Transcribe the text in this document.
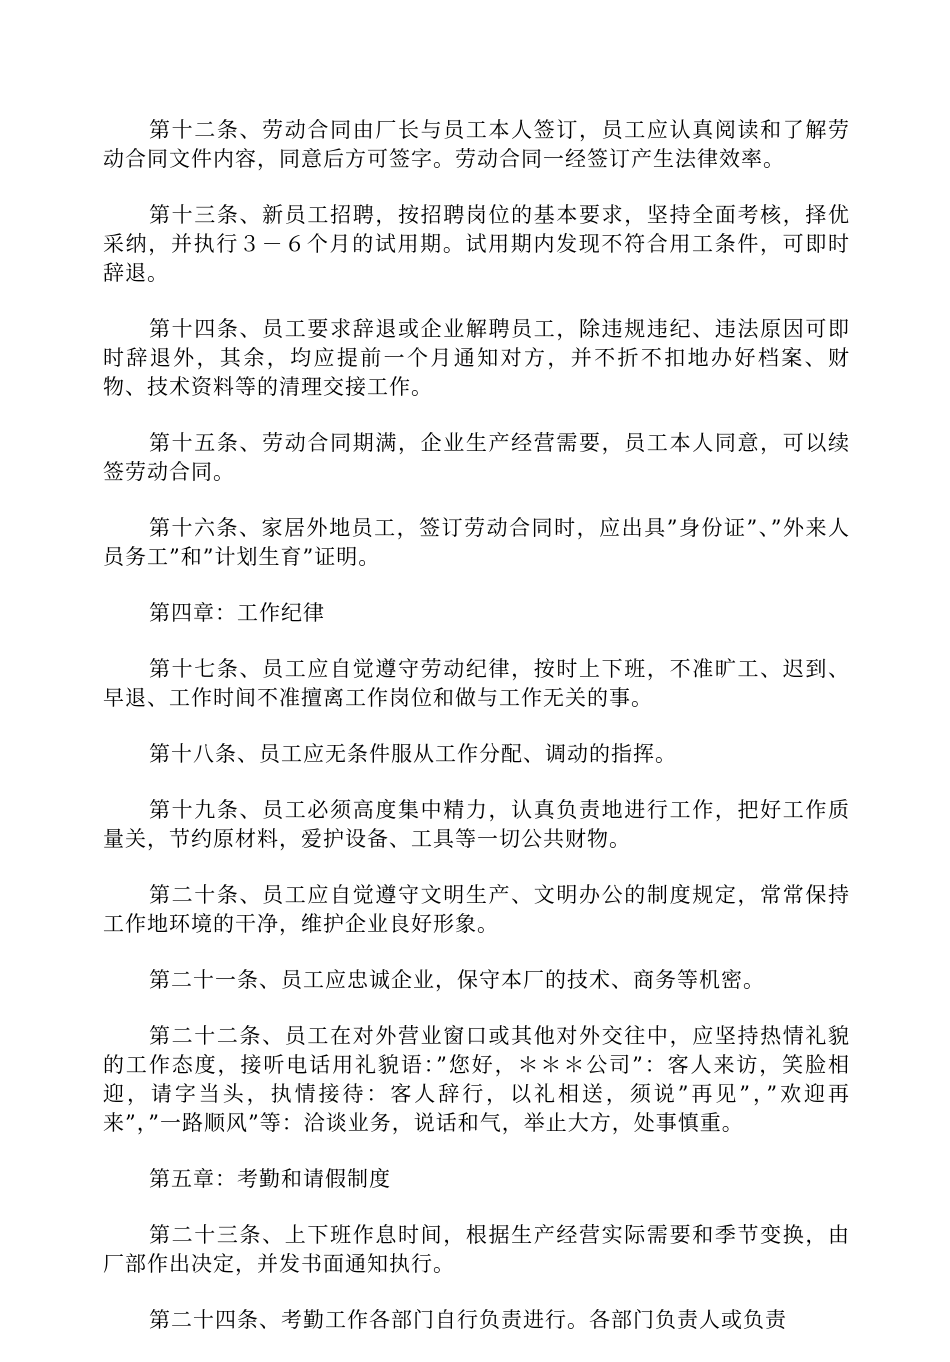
第十二条、劳动合同由厂长与员工本人签订，员工应认真阅读和了解劳动合同文件内容，同意后方可签字。劳动合同一经签订产生法律效率。

第十三条、新员工招聘，按招聘岗位的基本要求，坚持全面考核，择优采纳，并执行３－６个月的试用期。试用期内发现不符合用工条件，可即时辞退。

第十四条、员工要求辞退或企业解聘员工，除违规违纪、违法原因可即时辞退外，其余，均应提前一个月通知对方，并不折不扣地办好档案、财物、技术资料等的清理交接工作。

第十五条、劳动合同期满，企业生产经营需要，员工本人同意，可以续签劳动合同。

第十六条、家居外地员工，签订劳动合同时，应出具”身份证”、”外来人员务工”和”计划生育”证明。

第四章：工作纪律

第十七条、员工应自觉遵守劳动纪律，按时上下班，不准旷工、迟到、早退、工作时间不准擅离工作岗位和做与工作无关的事。

第十八条、员工应无条件服从工作分配、调动的指挥。

第十九条、员工必须高度集中精力，认真负责地进行工作，把好工作质量关，节约原材料，爱护设备、工具等一切公共财物。

第二十条、员工应自觉遵守文明生产、文明办公的制度规定，常常保持工作地环境的干净，维护企业良好形象。

第二十一条、员工应忠诚企业，保守本厂的技术、商务等机密。

第二十二条、员工在对外营业窗口或其他对外交往中，应坚持热情礼貌的工作态度，接听电话用礼貌语：”您好，＊＊＊公司”：客人来访，笑脸相迎，请字当头，执情接待：客人辞行，以礼相送，须说”再见”，”欢迎再来”，”一路顺风”等：洽谈业务，说话和气，举止大方，处事慎重。

第五章：考勤和请假制度

第二十三条、上下班作息时间，根据生产经营实际需要和季节变换，由厂部作出决定，并发书面通知执行。

第二十四条、考勤工作各部门自行负责进行。各部门负责人或负责
